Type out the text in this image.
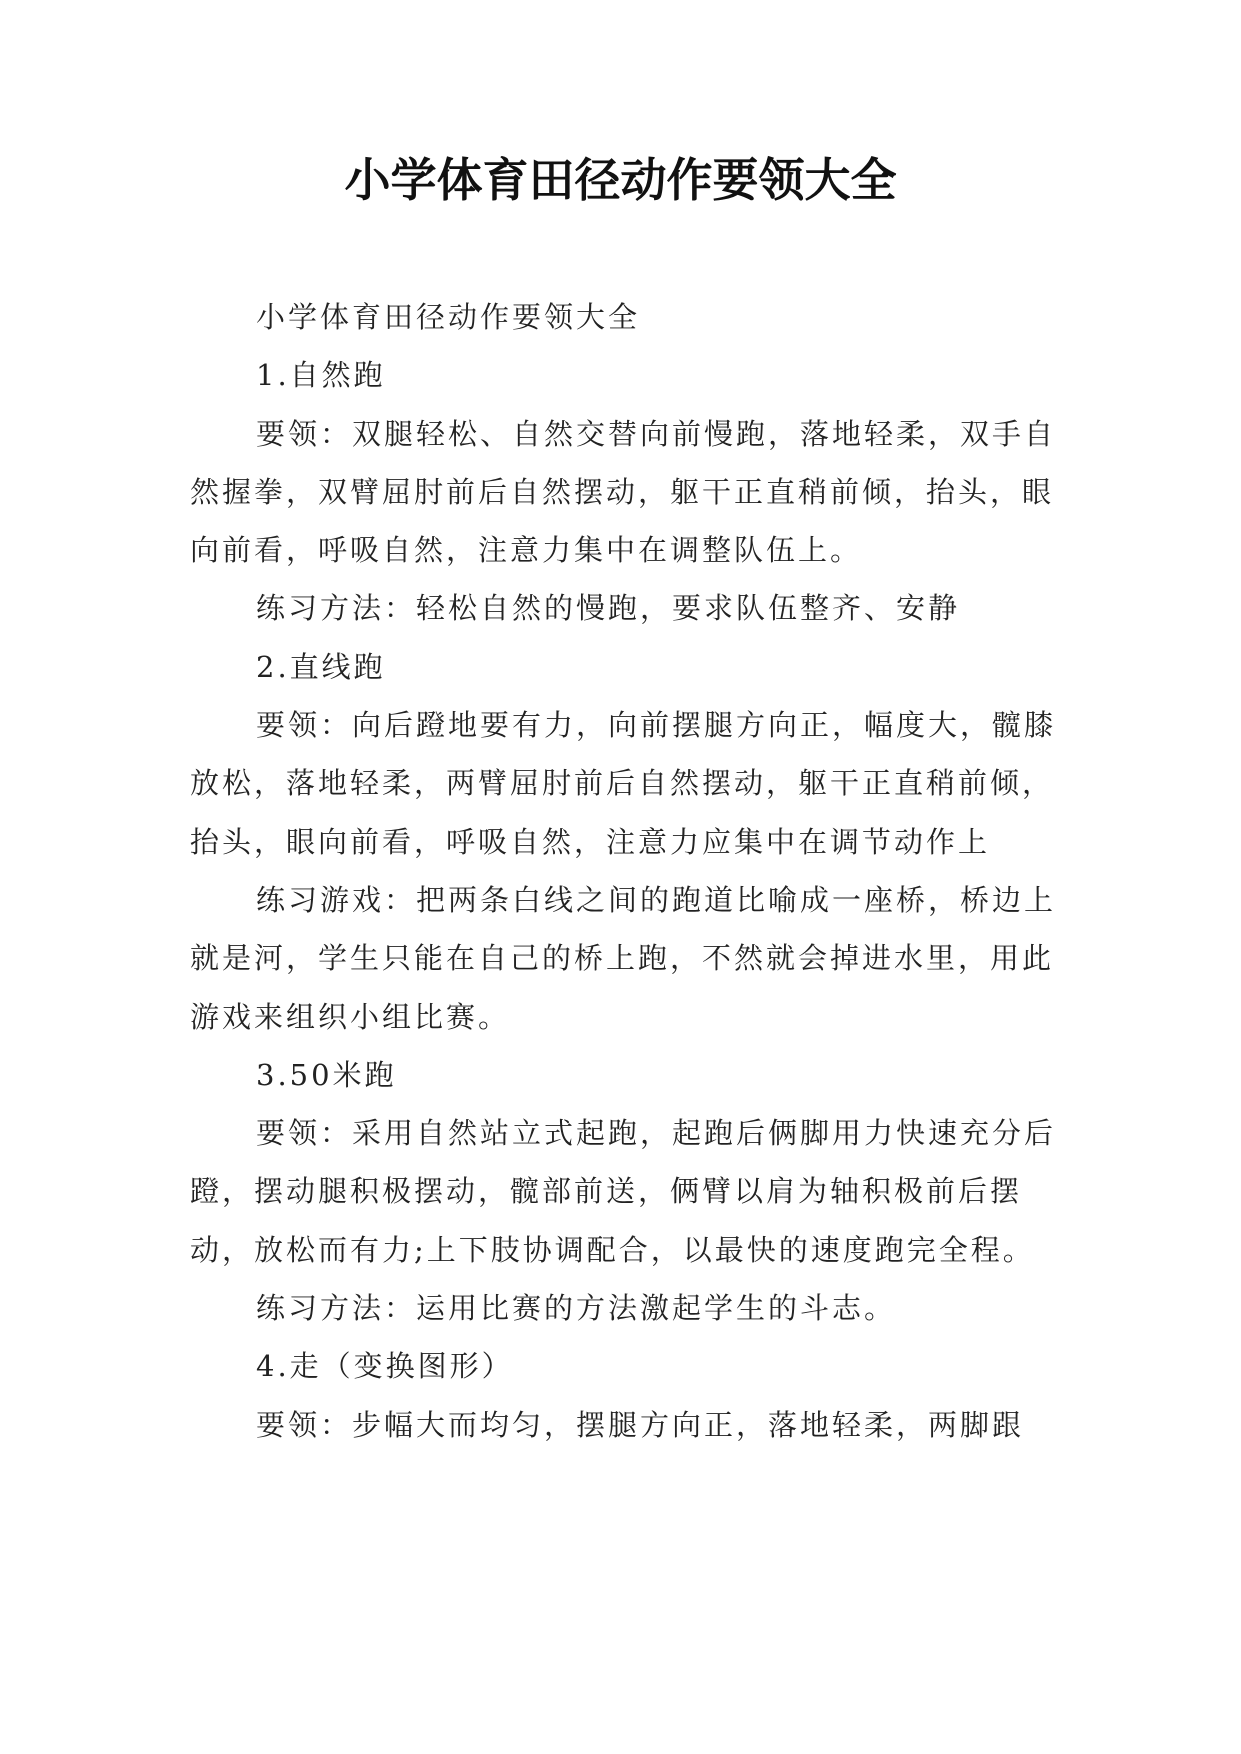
小学体育田径动作要领大全

小学体育田径动作要领大全

1.自然跑

要领：双腿轻松、自然交替向前慢跑，落地轻柔，双手自然握拳，双臂屈肘前后自然摆动，躯干正直稍前倾，抬头，眼向前看，呼吸自然，注意力集中在调整队伍上。

练习方法：轻松自然的慢跑，要求队伍整齐、安静

2.直线跑

要领：向后蹬地要有力，向前摆腿方向正，幅度大，髋膝放松，落地轻柔，两臂屈肘前后自然摆动，躯干正直稍前倾，抬头，眼向前看，呼吸自然，注意力应集中在调节动作上

练习游戏：把两条白线之间的跑道比喻成一座桥，桥边上就是河，学生只能在自己的桥上跑，不然就会掉进水里，用此游戏来组织小组比赛。

3.50米跑

要领：采用自然站立式起跑，起跑后俩脚用力快速充分后蹬，摆动腿积极摆动，髋部前送，俩臂以肩为轴积极前后摆动，放松而有力;上下肢协调配合，以最快的速度跑完全程。

练习方法：运用比赛的方法激起学生的斗志。

4.走（变换图形）

要领：步幅大而均匀，摆腿方向正，落地轻柔，两脚跟
